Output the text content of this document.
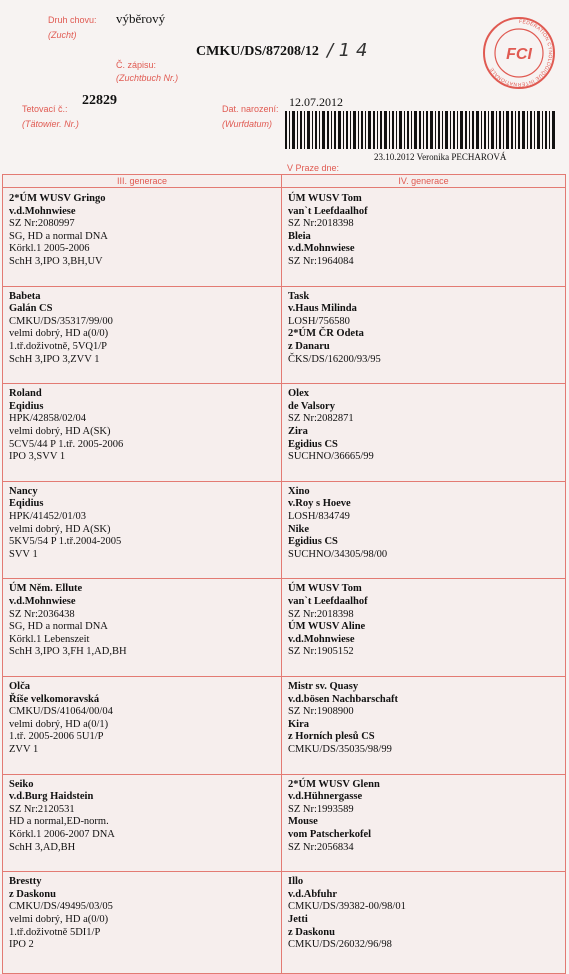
Druh chovu:
(Zucht)
výběrový
Č. zápisu:
(Zuchtbuch Nr.)
CMKU/DS/87208/12 / 1 4
Tetovací č.:
(Tätowier. Nr.)
22829
Dat. narození:
(Wurfdatum)
12.07.2012
V Praze dne:
23.10.2012 Veronika PECHAROVÁ
FÉDÉRATION CYNOLOGIQUE INTERNATIONALE
FCI
III. generace	IV. generace
2*ÚM WUSV Gringo
v.d.Mohnwiese
SZ Nr:2080997
SG, HD a normal DNA
Körkl.1 2005-2006
SchH 3,IPO 3,BH,UV
ÚM WUSV Tom
van`t Leefdaalhof
SZ Nr:2018398
Bleia
v.d.Mohnwiese
SZ Nr:1964084
Babeta
Galán CS
CMKU/DS/35317/99/00
velmi dobrý, HD a(0/0)
1.tř.doživotně, 5VQ1/P
SchH 3,IPO 3,ZVV 1
Task
v.Haus Milinda
LOSH/756580
2*ÚM ČR Odeta
z Danaru
ČKS/DS/16200/93/95
Roland
Eqidius
HPK/42858/02/04
velmi dobrý, HD A(SK)
5CV5/44 P 1.tř. 2005-2006
IPO 3,SVV 1
Olex
de Valsory
SZ Nr:2082871
Zira
Egidius CS
SUCHNO/36665/99
Nancy
Eqidius
HPK/41452/01/03
velmi dobrý, HD A(SK)
5KV5/54 P 1.tř.2004-2005
SVV 1
Xino
v.Roy s Hoeve
LOSH/834749
Nike
Egidius CS
SUCHNO/34305/98/00
ÚM Něm. Ellute
v.d.Mohnwiese
SZ Nr:2036438
SG, HD a normal DNA
Körkl.1 Lebenszeit
SchH 3,IPO 3,FH 1,AD,BH
ÚM WUSV Tom
van`t Leefdaalhof
SZ Nr:2018398
ÚM WUSV Aline
v.d.Mohnwiese
SZ Nr:1905152
Olča
Říše velkomoravská
CMKU/DS/41064/00/04
velmi dobrý, HD a(0/1)
1.tř. 2005-2006 5U1/P
ZVV 1
Mistr sv. Quasy
v.d.bösen Nachbarschaft
SZ Nr:1908900
Kira
z Horních plesů CS
CMKU/DS/35035/98/99
Seiko
v.d.Burg Haidstein
SZ Nr:2120531
HD a normal,ED-norm.
Körkl.1 2006-2007 DNA
SchH 3,AD,BH
2*ÚM WUSV Glenn
v.d.Hühnergasse
SZ Nr:1993589
Mouse
vom Patscherkofel
SZ Nr:2056834
Brestty
z Daskonu
CMKU/DS/49495/03/05
velmi dobrý, HD a(0/0)
1.tř.doživotně 5DI1/P
IPO 2
Illo
v.d.Abfuhr
CMKU/DS/39382-00/98/01
Jetti
z Daskonu
CMKU/DS/26032/96/98
